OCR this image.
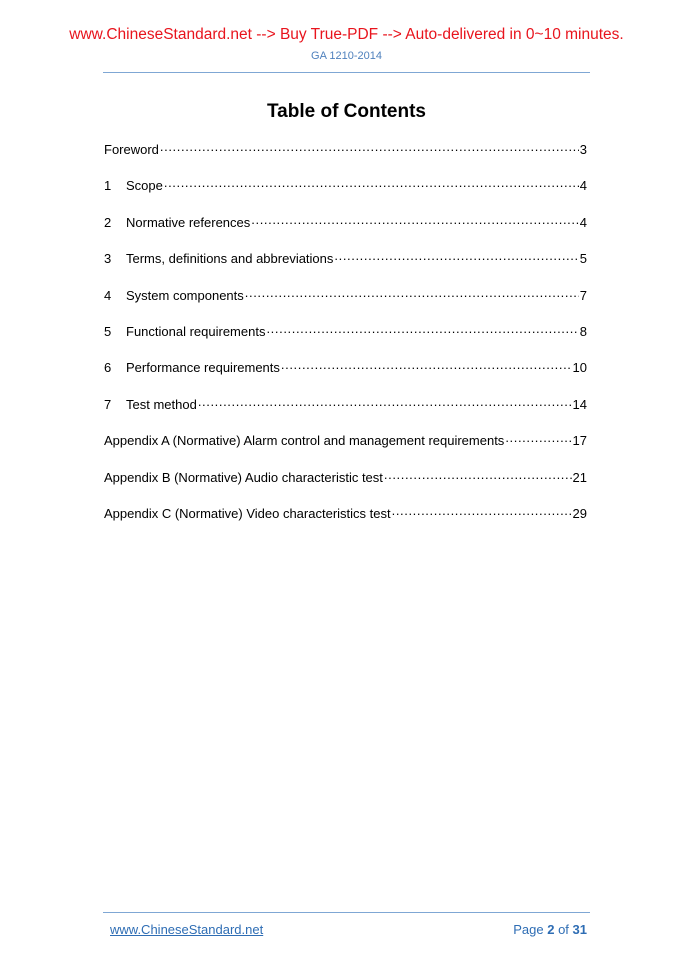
www.ChineseStandard.net --> Buy True-PDF --> Auto-delivered in 0~10 minutes.
GA 1210-2014
Table of Contents
Foreword .....	3
1	Scope .....	4
2	Normative references .....	4
3	Terms, definitions and abbreviations .....	5
4	System components .....	7
5	Functional requirements .....	8
6	Performance requirements .....	10
7	Test method .....	14
Appendix A (Normative) Alarm control and management requirements .....	17
Appendix B (Normative) Audio characteristic test .....	21
Appendix C (Normative) Video characteristics test .....	29
www.ChineseStandard.net	Page 2 of 31
